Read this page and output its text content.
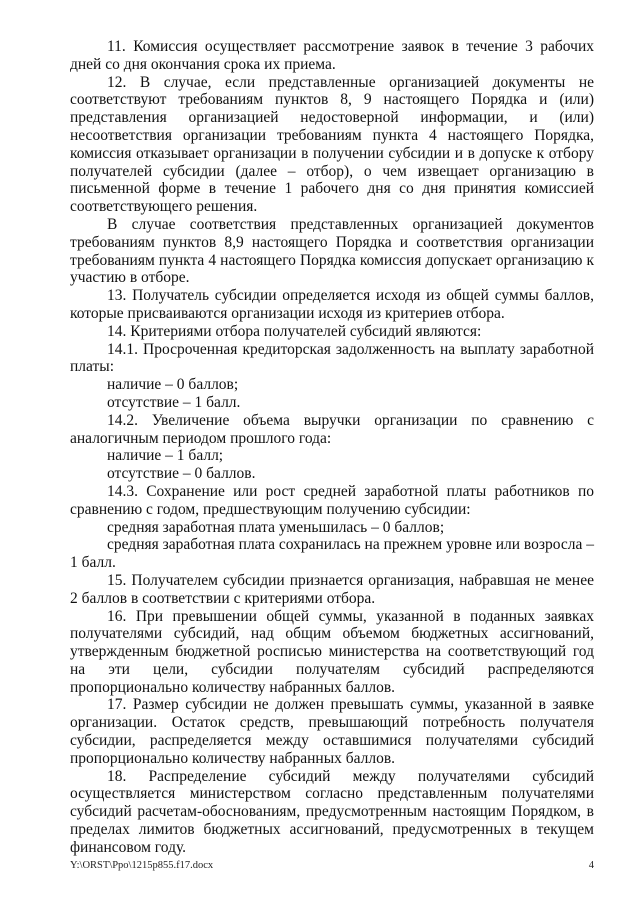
11. Комиссия осуществляет рассмотрение заявок в течение 3 рабочих дней со дня окончания срока их приема.

12. В случае, если представленные организацией документы не соответствуют требованиям пунктов 8, 9 настоящего Порядка и (или) представления организацией недостоверной информации, и (или) несоответствия организации требованиям пункта 4 настоящего Порядка, комиссия отказывает организации в получении субсидии и в допуске к отбору получателей субсидии (далее – отбор), о чем извещает организацию в письменной форме в течение 1 рабочего дня со дня принятия комиссией соответствующего решения.

В случае соответствия представленных организацией документов требованиям пунктов 8,9 настоящего Порядка и соответствия организации требованиям пункта 4 настоящего Порядка комиссия допускает организацию к участию в отборе.

13. Получатель субсидии определяется исходя из общей суммы баллов, которые присваиваются организации исходя из критериев отбора.

14. Критериями отбора получателей субсидий являются:

14.1. Просроченная кредиторская задолженность на выплату заработной платы:

наличие – 0 баллов;

отсутствие – 1 балл.

14.2. Увеличение объема выручки организации по сравнению с аналогичным периодом прошлого года:

наличие – 1 балл;

отсутствие – 0 баллов.

14.3. Сохранение или рост средней заработной платы работников по сравнению с годом, предшествующим получению субсидии:

средняя заработная плата уменьшилась – 0 баллов;

средняя заработная плата сохранилась на прежнем уровне или возросла – 1 балл.

15. Получателем субсидии признается организация, набравшая не менее 2 баллов в соответствии с критериями отбора.

16. При превышении общей суммы, указанной в поданных заявках получателями субсидий, над общим объемом бюджетных ассигнований, утвержденным бюджетной росписью министерства на соответствующий год на эти цели, субсидии получателям субсидий распределяются пропорционально количеству набранных баллов.

17. Размер субсидии не должен превышать суммы, указанной в заявке организации. Остаток средств, превышающий потребность получателя субсидии, распределяется между оставшимися получателями субсидий пропорционально количеству набранных баллов.

18. Распределение субсидий между получателями субсидий осуществляется министерством согласно представленным получателями субсидий расчетам-обоснованиям, предусмотренным настоящим Порядком, в пределах лимитов бюджетных ассигнований, предусмотренных в текущем финансовом году.

Y:\ORST\Ppo\1215p855.f17.docx	4
